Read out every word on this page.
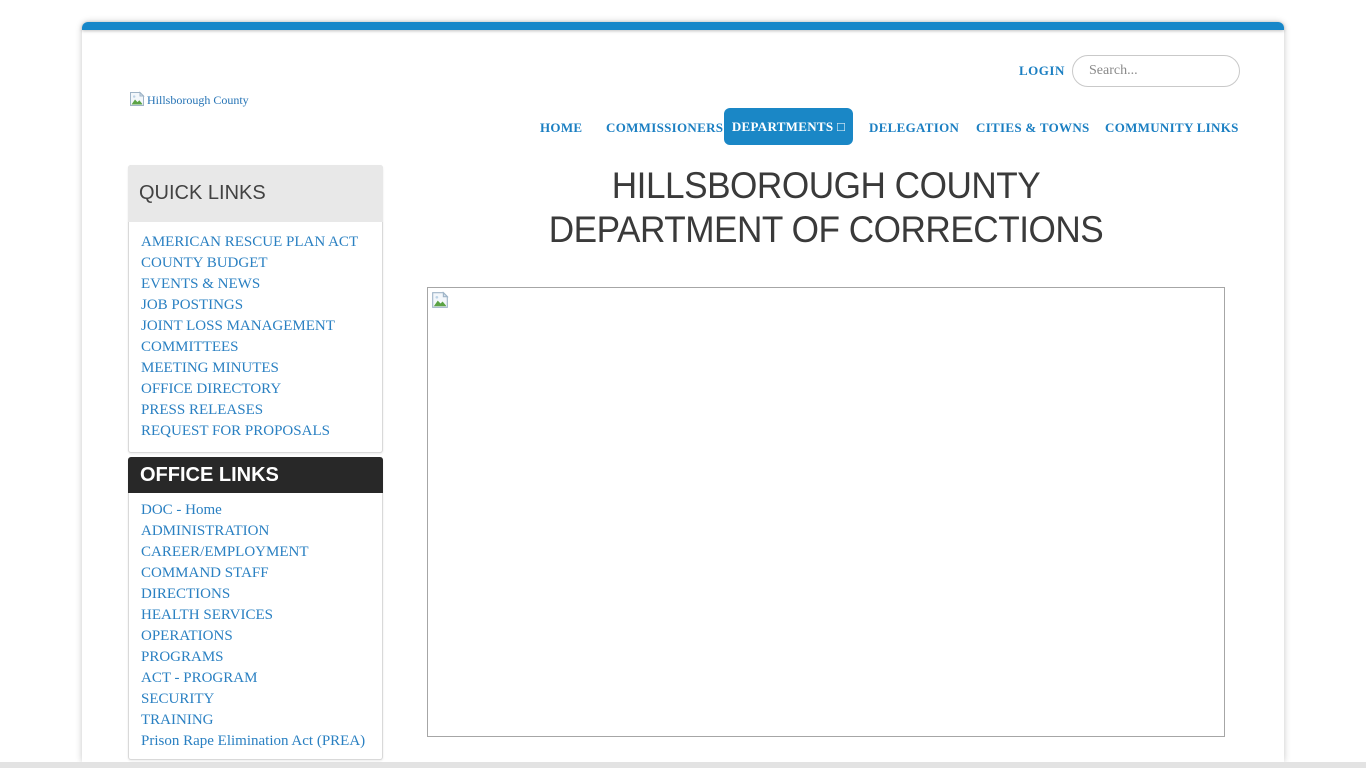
Hillsborough County
LOGIN
Search...
HOME COMMISSIONERS DEPARTMENTS □	DELEGATION CITIES & TOWNS COMMUNITY LINKS
QUICK LINKS
AMERICAN RESCUE PLAN ACT
COUNTY BUDGET
EVENTS & NEWS
JOB POSTINGS
JOINT LOSS MANAGEMENT COMMITTEES
MEETING MINUTES
OFFICE DIRECTORY
PRESS RELEASES
REQUEST FOR PROPOSALS
OFFICE LINKS
DOC - Home
ADMINISTRATION
CAREER/EMPLOYMENT
COMMAND STAFF
DIRECTIONS
HEALTH SERVICES
OPERATIONS
PROGRAMS
ACT - PROGRAM
SECURITY
TRAINING
Prison Rape Elimination Act (PREA)
HILLSBOROUGH COUNTY
DEPARTMENT OF CORRECTIONS
